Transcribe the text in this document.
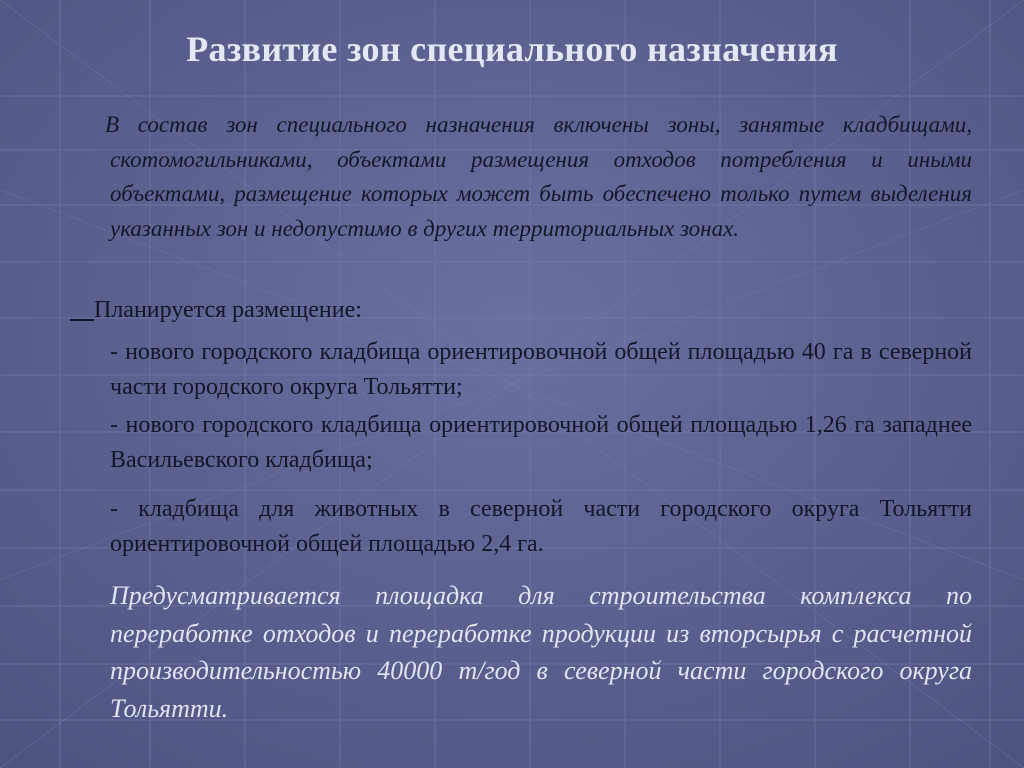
Развитие зон специального назначения

В состав зон специального назначения включены зоны, занятые кладбищами, скотомогильниками, объектами размещения отходов потребления и иными объектами, размещение которых может быть обеспечено только путем выделения указанных зон и недопустимо в других территориальных зонах.

Планируется размещение:

- нового городского кладбища ориентировочной общей площадью 40 га в северной части городского округа Тольятти;

- нового городского кладбища ориентировочной общей площадью 1,26 га западнее Васильевского кладбища;

- кладбища для животных в северной части городского округа Тольятти ориентировочной общей площадью 2,4 га.

Предусматривается площадка для строительства комплекса по переработке отходов и переработке продукции из вторсырья с расчетной производительностью 40000 т/год в северной части городского округа Тольятти.
